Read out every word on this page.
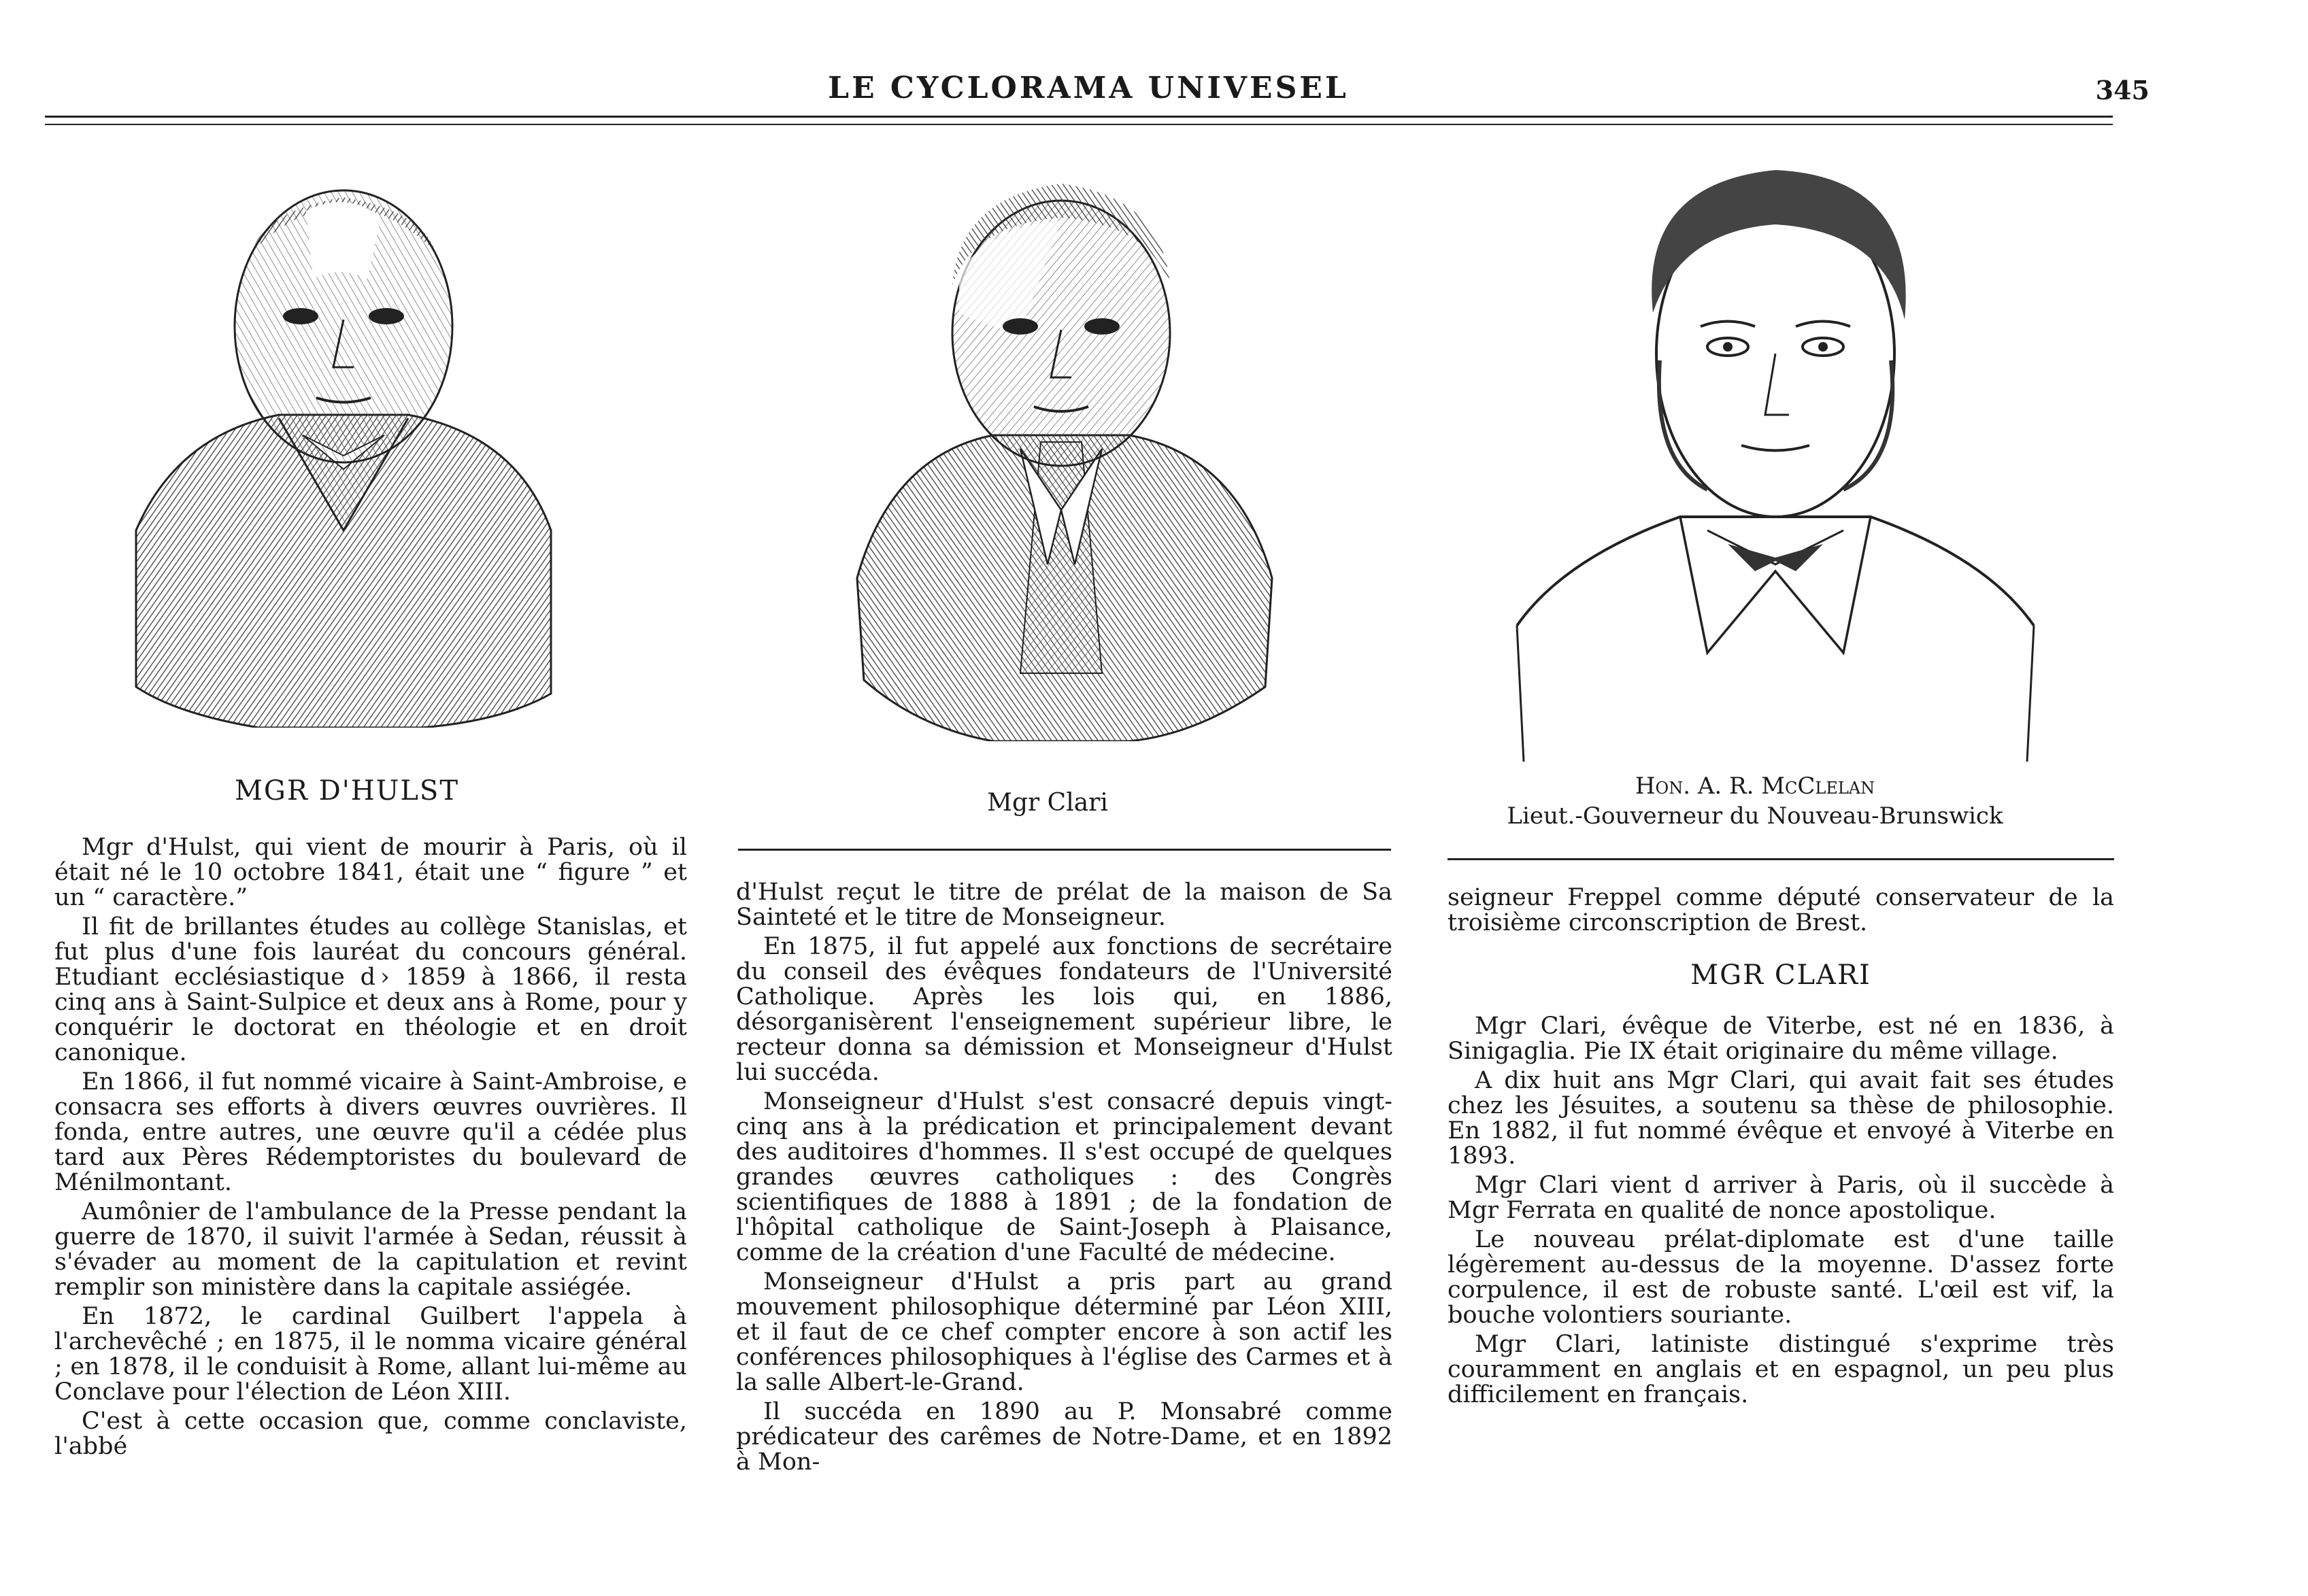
LE CYCLORAMA UNIVESEL	345
MGR D'HULST	Mgr Clari
Hon. A. R. McClelan
Lieut.-Gouverneur du Nouveau-Brunswick

Mgr d'Hulst, qui vient de mourir à Paris, où il était né le 10 octobre 1841, était une “ figure ” et un “ caractère.”

Il fit de brillantes études au collège Stanislas, et fut plus d'une fois lauréat du concours général. Etudiant ecclésiastique d › 1859 à 1866, il resta cinq ans à Saint-Sulpice et deux ans à Rome, pour y conquérir le doctorat en théologie et en droit canonique.

En 1866, il fut nommé vicaire à Saint-Ambroise, e consacra ses efforts à divers œuvres ouvrières. Il fonda, entre autres, une œuvre qu'il a cédée plus tard aux Pères Rédemptoristes du boulevard de Ménilmontant.

Aumônier de l'ambulance de la Presse pendant la guerre de 1870, il suivit l'armée à Sedan, réussit à s'évader au moment de la capitulation et revint remplir son ministère dans la capitale assiégée.

En 1872, le cardinal Guilbert l'appela à l'archevêché ; en 1875, il le nomma vicaire général ; en 1878, il le conduisit à Rome, allant lui-même au Conclave pour l'élection de Léon XIII.

C'est à cette occasion que, comme conclaviste, l'abbé

d'Hulst reçut le titre de prélat de la maison de Sa Sainteté et le titre de Monseigneur.

En 1875, il fut appelé aux fonctions de secrétaire du conseil des évêques fondateurs de l'Université Catholique. Après les lois qui, en 1886, désorganisèrent l'enseignement supérieur libre, le recteur donna sa démission et Monseigneur d'Hulst lui succéda.

Monseigneur d'Hulst s'est consacré depuis vingt-cinq ans à la prédication et principalement devant des auditoires d'hommes. Il s'est occupé de quelques grandes œuvres catholiques : des Congrès scientifiques de 1888 à 1891 ; de la fondation de l'hôpital catholique de Saint-Joseph à Plaisance, comme de la création d'une Faculté de médecine.

Monseigneur d'Hulst a pris part au grand mouvement philosophique déterminé par Léon XIII, et il faut de ce chef compter encore à son actif les conférences philosophiques à l'église des Carmes et à la salle Albert-le-Grand.

Il succéda en 1890 au P. Monsabré comme prédicateur des carêmes de Notre-Dame, et en 1892 à Mon-

seigneur Freppel comme député conservateur de la troisième circonscription de Brest.

MGR CLARI

Mgr Clari, évêque de Viterbe, est né en 1836, à Sinigaglia. Pie IX était originaire du même village.

A dix huit ans Mgr Clari, qui avait fait ses études chez les Jésuites, a soutenu sa thèse de philosophie. En 1882, il fut nommé évêque et envoyé à Viterbe en 1893.

Mgr Clari vient d arriver à Paris, où il succède à Mgr Ferrata en qualité de nonce apostolique.

Le nouveau prélat-diplomate est d'une taille légèrement au-dessus de la moyenne. D'assez forte corpulence, il est de robuste santé. L'œil est vif, la bouche volontiers souriante.

Mgr Clari, latiniste distingué s'exprime très couramment en anglais et en espagnol, un peu plus difficilement en français.
